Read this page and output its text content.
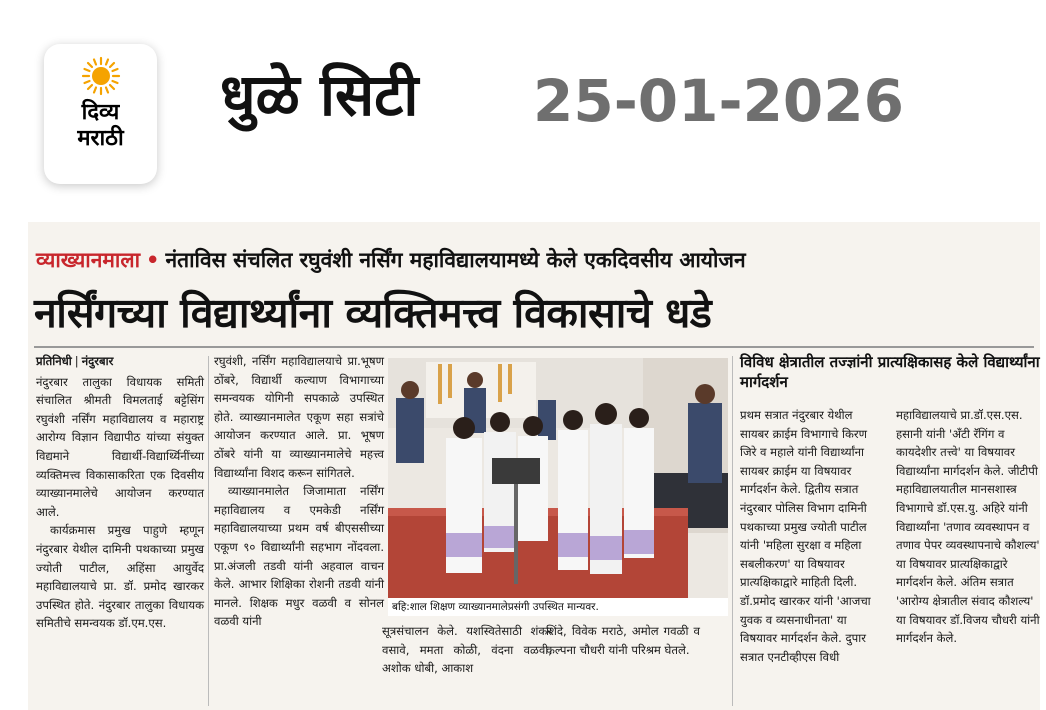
दिव्य
मराठी
धुळे सिटी 25-01-2026
व्याख्यानमाला • नंताविस संचलित रघुवंशी नर्सिंग महाविद्यालयामध्ये केले एकदिवसीय आयोजन
नर्सिंगच्या विद्यार्थ्यांना व्यक्तिमत्त्व विकासाचे धडे
प्रतिनिधी | नंदुरबार

नंदुरबार तालुका विधायक समिती संचालित श्रीमती विमलताई बट्टेसिंग रघुवंशी नर्सिंग महाविद्यालय व महाराष्ट्र आरोग्य विज्ञान विद्यापीठ यांच्या संयुक्त विद्यमाने विद्यार्थी-विद्यार्थ्यिनींच्या व्यक्तिमत्त्व विकासाकरिता एक दिवसीय व्याख्यानमालेचे आयोजन करण्यात आले.

कार्यक्रमास प्रमुख पाहुणे म्हणून नंदुरबार येथील दामिनी पथकाच्या प्रमुख ज्योती पाटील, अहिंसा आयुर्वेद महाविद्यालयाचे प्रा. डॉ. प्रमोद खारकर उपस्थित होते. नंदुरबार तालुका विधायक समितीचे समन्वयक डॉ.एम.एस.

रघुवंशी, नर्सिंग महाविद्यालयाचे प्रा.भूषण ठोंबरे, विद्यार्थी कल्याण विभागाच्या समन्वयक योगिनी सपकाळे उपस्थित होते. व्याख्यानमालेत एकूण सहा सत्रांचे आयोजन करण्यात आले. प्रा. भूषण ठोंबरे यांनी या व्याख्यानमालेचे महत्त्व विद्यार्थ्यांना विशद करून सांगितले.

व्याख्यानमालेत जिजामाता नर्सिंग महाविद्यालय व एमकेडी नर्सिंग महाविद्यालयाच्या प्रथम वर्ष बीएससीच्या एकूण ९० विद्यार्थ्यांनी सहभाग नोंदवला. प्रा.अंजली तडवी यांनी अहवाल वाचन केले. आभार शिक्षिका रोशनी तडवी यांनी मानले. शिक्षक मधुर वळवी व सोनल वळवी यांनी

बहि:शाल शिक्षण व्याख्यानमालेप्रसंगी उपस्थित मान्यवर.
सूत्रसंचालन केले. यशस्वितेसाठी शंकर वसावे, ममता कोळी, वंदना वळवी, अशोक धोबी, आकाशशिंदे, विवेक मराठे, अमोल गवळी व कल्पना चौधरी यांनी परिश्रम घेतले.
विविध क्षेत्रातील तज्ज्ञांनी प्रात्यक्षिकासह केले विद्यार्थ्यांना मार्गदर्शन

प्रथम सत्रात नंदुरबार येथील सायबर क्राईम विभागाचे किरण जिरे व महाले यांनी विद्यार्थ्यांना सायबर क्राईम या विषयावर मार्गदर्शन केले. द्वितीय सत्रात नंदुरबार पोलिस विभाग दामिनी पथकाच्या प्रमुख ज्योती पाटील यांनी 'महिला सुरक्षा व महिला सबलीकरण' या विषयावर प्रात्यक्षिकाद्वारे माहिती दिली. डॉ.प्रमोद खारकर यांनी 'आजचा युवक व व्यसनाधीनता' या विषयावर मार्गदर्शन केले. दुपार सत्रात एनटीव्हीएस विधी

महाविद्यालयाचे प्रा.डॉ.एस.एस. हसानी यांनी 'अँटी रॅगिंग व कायदेशीर तत्त्वे' या विषयावर विद्यार्थ्यांना मार्गदर्शन केले. जीटीपी महाविद्यालयातील मानसशास्त्र विभागाचे डॉ.एस.यु. अहिरे यांनी विद्यार्थ्यांना 'तणाव व्यवस्थापन व तणाव पेपर व्यवस्थापनाचे कौशल्य' या विषयावर प्रात्यक्षिकाद्वारे मार्गदर्शन केले. अंतिम सत्रात 'आरोग्य क्षेत्रातील संवाद कौशल्य' या विषयावर डॉ.विजय चौधरी यांनी मार्गदर्शन केले.
